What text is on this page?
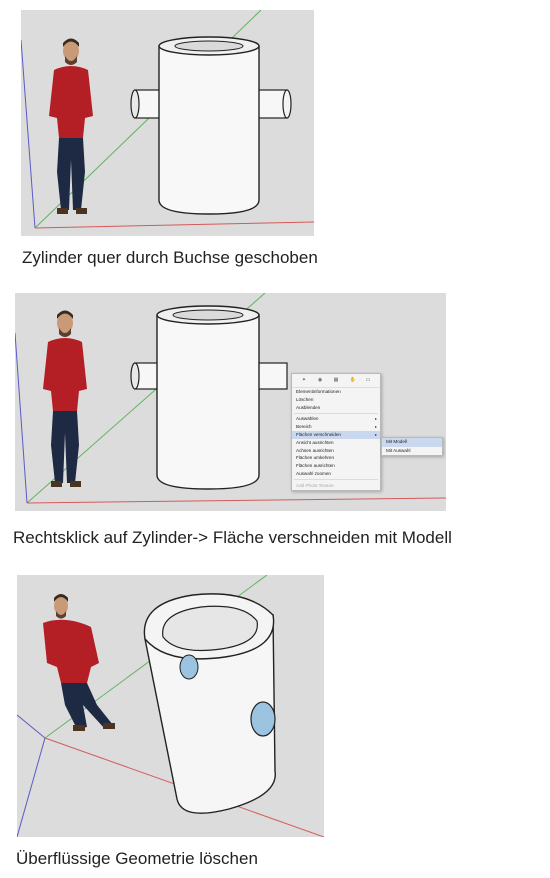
Zylinder quer durch Buchse geschoben
✦ ◉ ▦ ✋ ▭
Elementinformationen
Löschen
Ausblenden
Auswählen ▸
Bereich ▸
Flächen verschneiden ▸
Ansicht ausrichten
Achsen ausrichten
Flächen umkehren
Flächen ausrichten
Auswahl zoomen
Add Photo Texture
Mit Modell
Mit Auswahl
Rechtsklick auf Zylinder-> Fläche verschneiden mit Modell
Überflüssige Geometrie löschen
